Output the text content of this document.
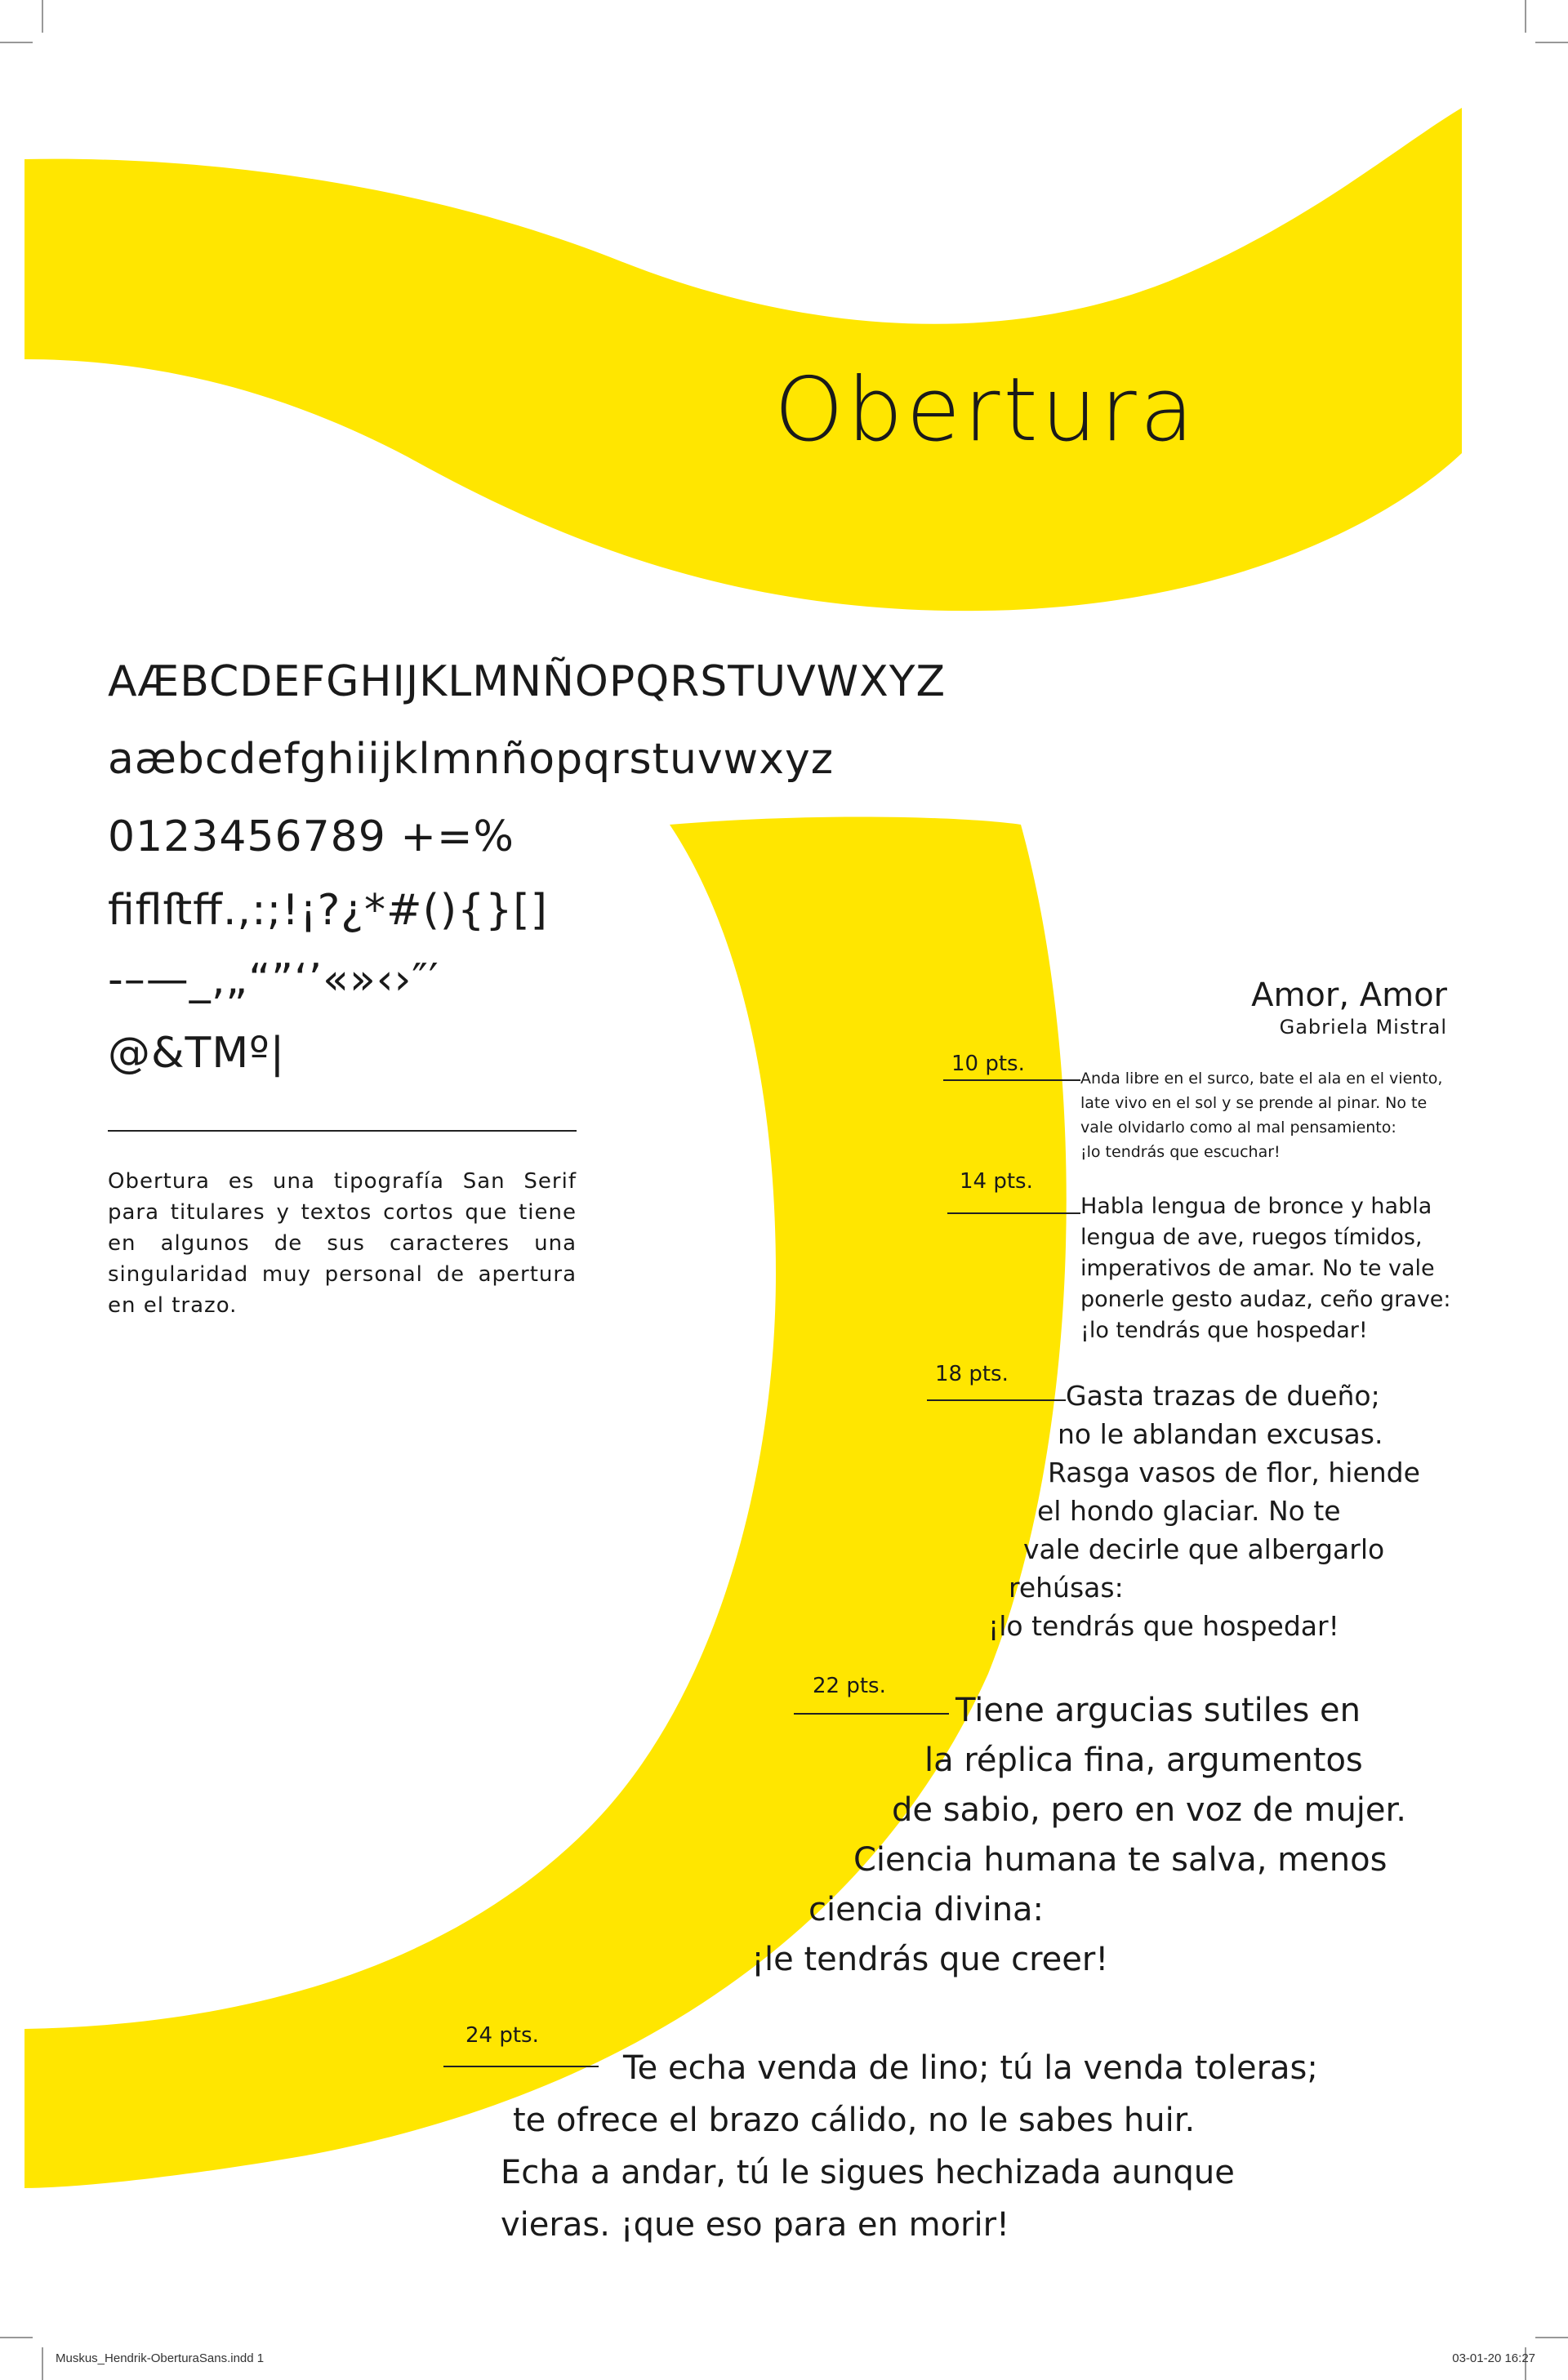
Obertura
AÆBCDEFGHIJKLMNÑOPQRSTUVWXYZ
aæbcdefghiijklmnñopqrstuvwxyz
0123456789 +=%
ﬁﬂﬅﬀ.,:;!¡?¿*#(){}[]
-–—_‚„“”‘’«»‹›″′
@&TMº|
Obertura es una tipografía San Serif para titulares y textos cortos que tiene en algunos de sus caracteres una singularidad muy personal de apertura en el trazo.
Amor, Amor
Gabriela Mistral
10 pts.
Anda libre en el surco, bate el ala en el viento,
late vivo en el sol y se prende al pinar. No te
vale olvidarlo como al mal pensamiento:
¡lo tendrás que escuchar!
14 pts.
Habla lengua de bronce y habla
lengua de ave, ruegos tímidos,
imperativos de amar. No te vale
ponerle gesto audaz, ceño grave:
¡lo tendrás que hospedar!
18 pts.
Gasta trazas de dueño;
no le ablandan excusas.
Rasga vasos de flor, hiende
el hondo glaciar. No te
vale decirle que albergarlo
rehúsas:
¡lo tendrás que hospedar!
22 pts.
Tiene argucias sutiles en
la réplica fina, argumentos
de sabio, pero en voz de mujer.
Ciencia humana te salva, menos
ciencia divina:
¡le tendrás que creer!
24 pts.
Te echa venda de lino; tú la venda toleras;
te ofrece el brazo cálido, no le sabes huir.
Echa a andar, tú le sigues hechizada aunque
vieras. ¡que eso para en morir!
Muskus_Hendrik-OberturaSans.indd 1	03-01-20 16:27
